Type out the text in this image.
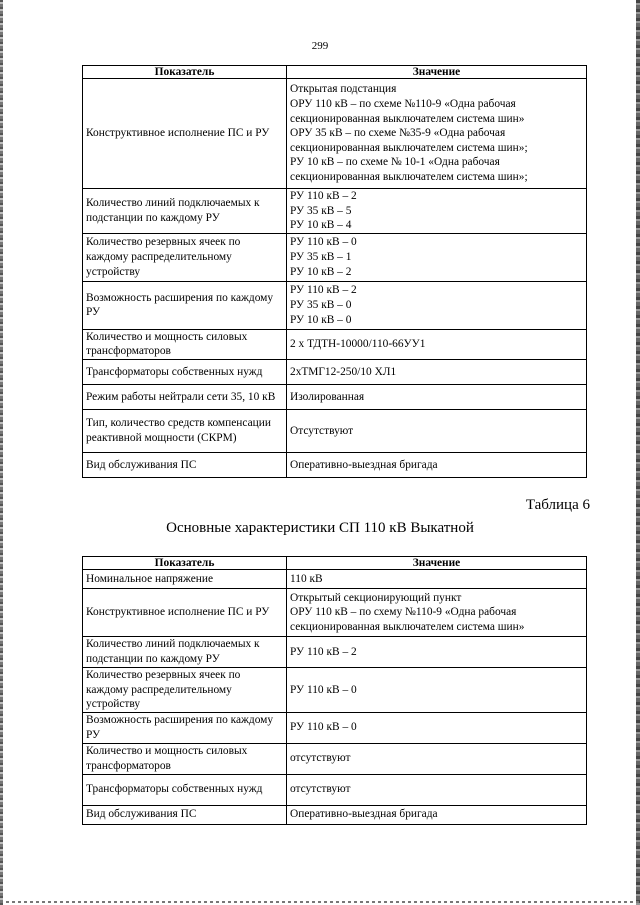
299
Показатель	Значение
Конструктивное исполнение ПС и РУ	Открытая подстанция
ОРУ 110 кВ – по схеме №110-9 «Одна рабочая секционированная выключателем система шин»
ОРУ 35 кВ – по схеме №35-9 «Одна рабочая секционированная выключателем система шин»;
РУ 10 кВ – по схеме № 10-1 «Одна рабочая секционированная выключателем система шин»;

Количество линий подключаемых к подстанции по каждому РУ	РУ 110 кВ – 2
РУ 35 кВ – 5
РУ 10 кВ – 4

Количество резервных ячеек по каждому распределительному устройству	РУ 110 кВ – 0
РУ 35 кВ – 1
РУ 10 кВ – 2

Возможность расширения по каждому РУ	РУ 110 кВ – 2
РУ 35 кВ – 0
РУ 10 кВ – 0

Количество и мощность силовых трансформаторов	2 х ТДТН-10000/110-66УУ1

Трансформаторы собственных нужд	2хТМГ12-250/10 ХЛ1

Режим работы нейтрали сети 35, 10 кВ	Изолированная

Тип, количество средств компенсации реактивной мощности (СКРМ)	Отсутствуют

Вид обслуживания ПС	Оперативно-выездная бригада
Таблица 6
Основные характеристики СП 110 кВ Выкатной
Показатель	Значение
Номинальное напряжение	110 кВ

Конструктивное исполнение ПС и РУ	Открытый секционирующий пункт
ОРУ 110 кВ – по схему №110-9 «Одна рабочая секционированная выключателем система шин»

Количество линий подключаемых к подстанции по каждому РУ	РУ 110 кВ – 2

Количество резервных ячеек по каждому распределительному устройству	РУ 110 кВ – 0

Возможность расширения по каждому РУ	РУ 110 кВ – 0

Количество и мощность силовых трансформаторов	отсутствуют

Трансформаторы собственных нужд	отсутствуют

Вид обслуживания ПС	Оперативно-выездная бригада
